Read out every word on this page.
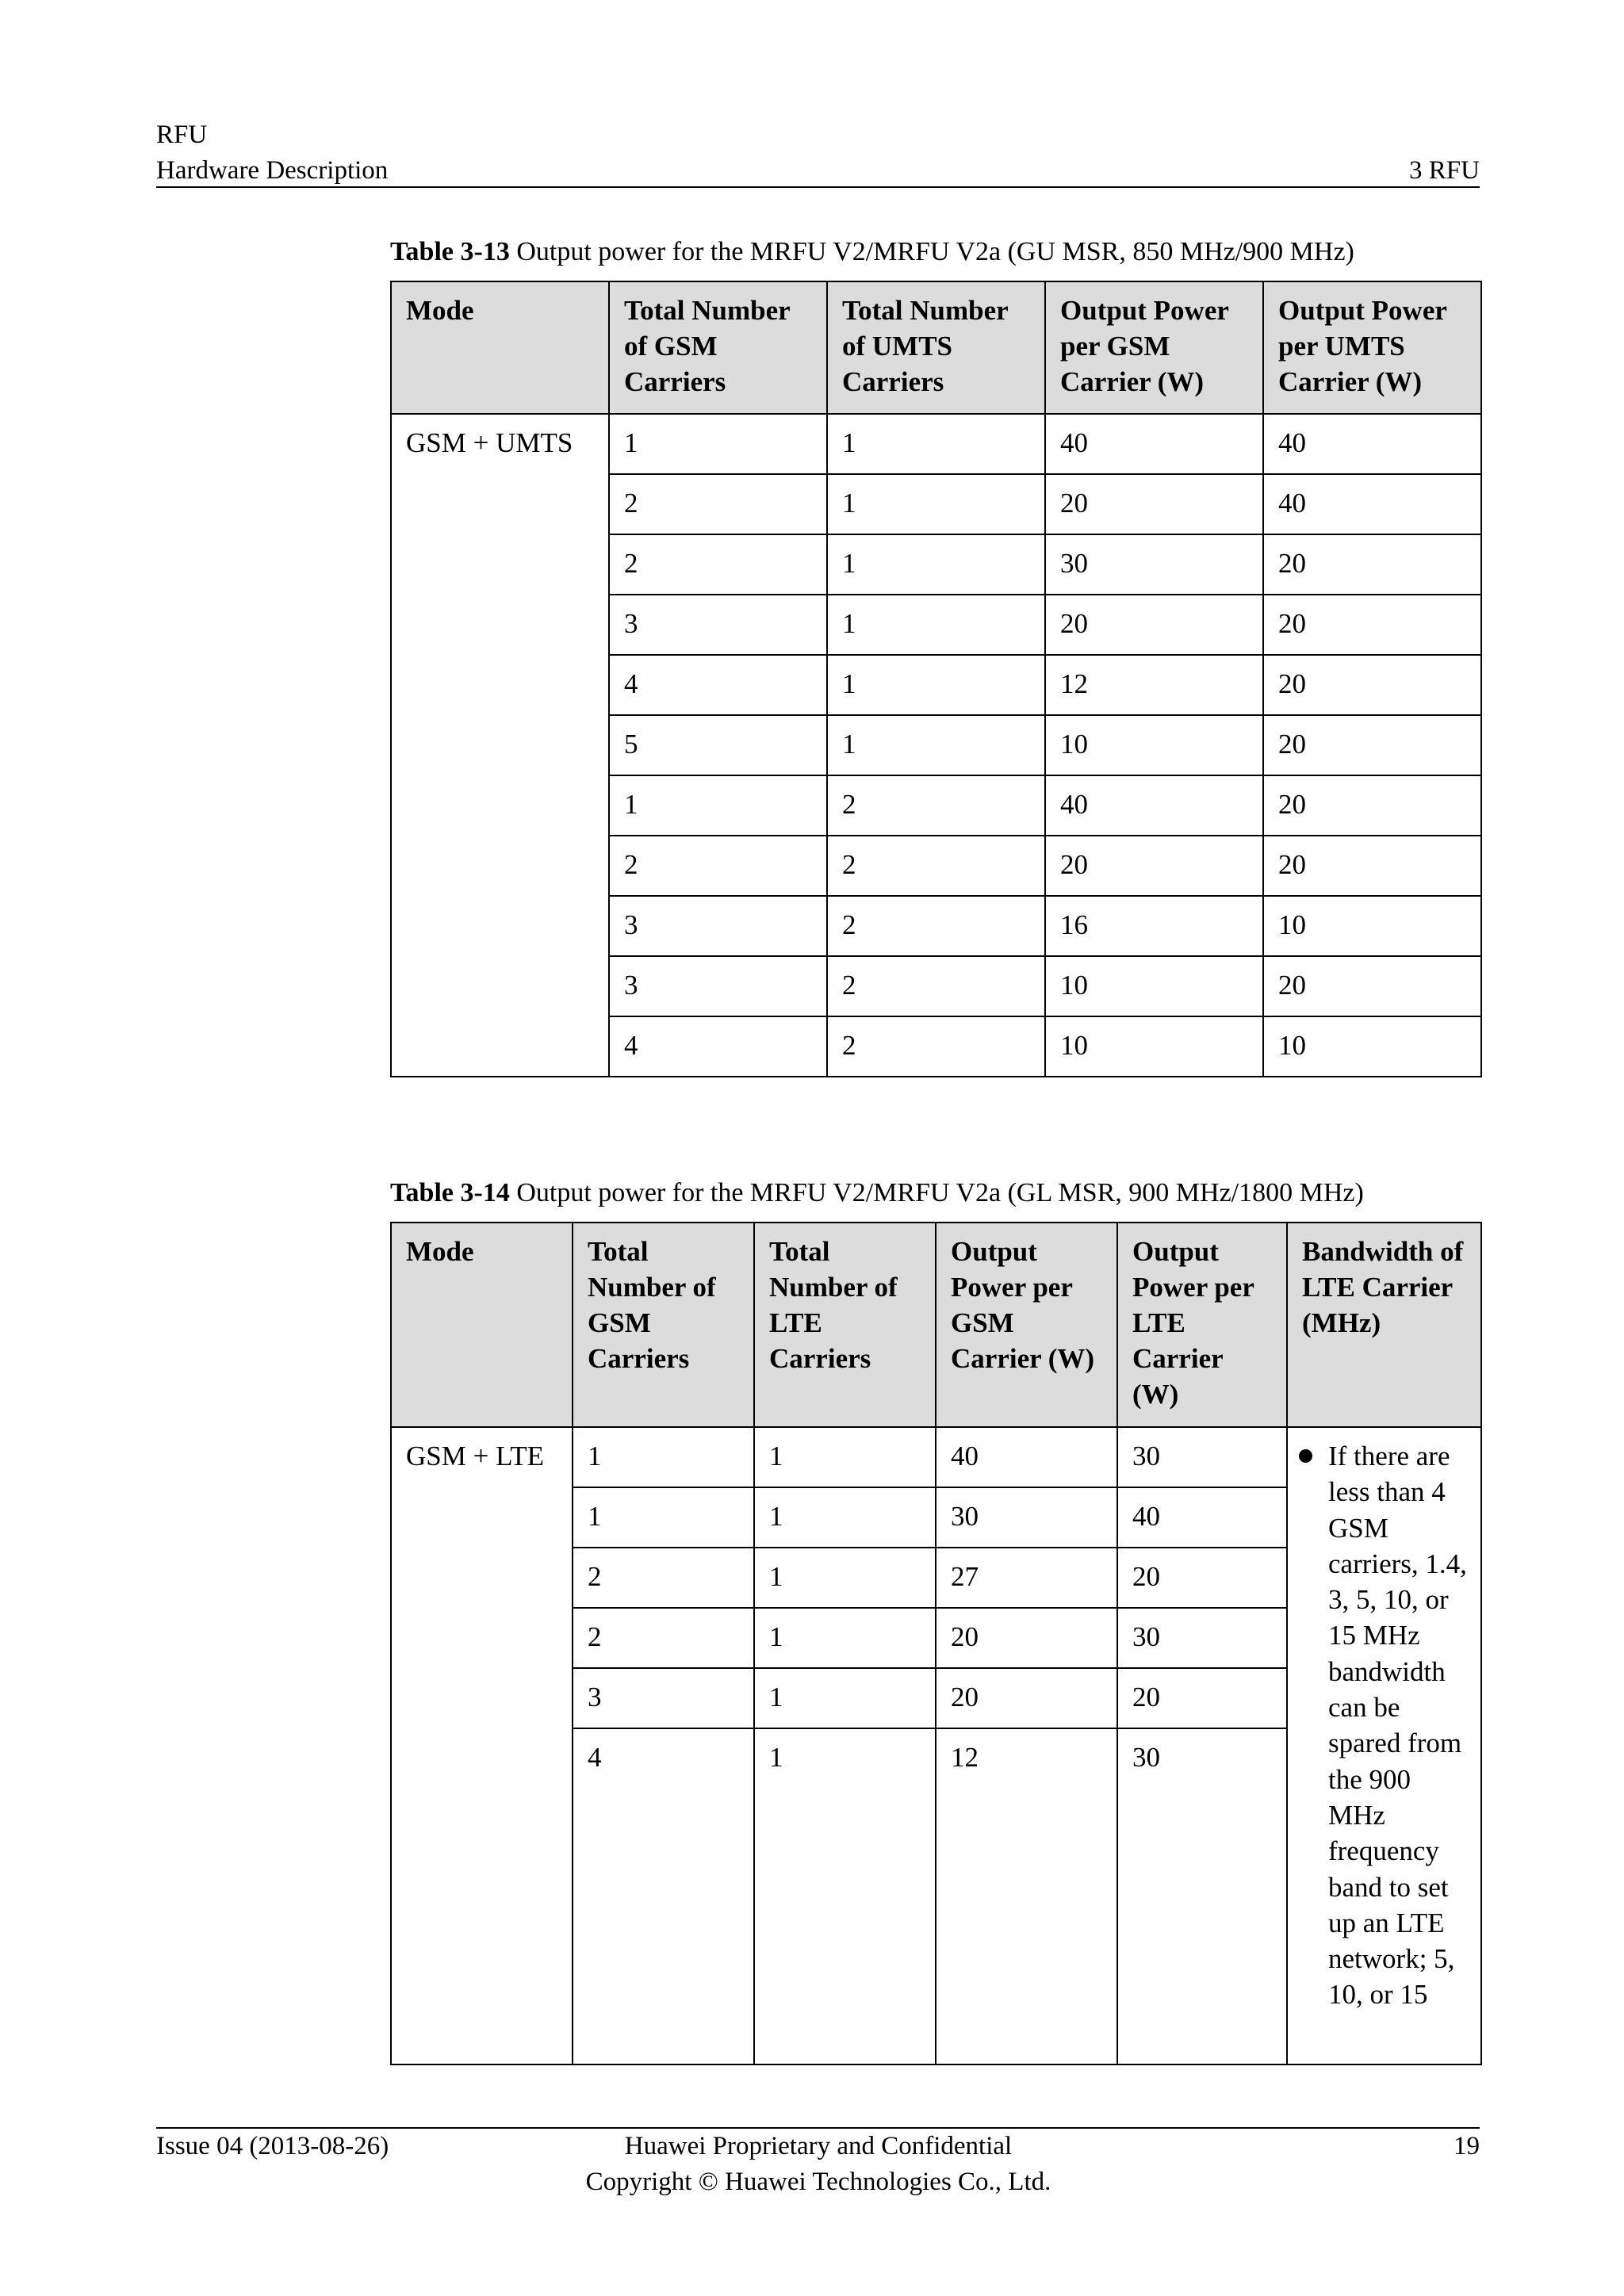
RFU
Hardware Description	3 RFU
Table 3-13 Output power for the MRFU V2/MRFU V2a (GU MSR, 850 MHz/900 MHz)
Mode	Total Number of GSM Carriers	Total Number of UMTS Carriers	Output Power per GSM Carrier (W)	Output Power per UMTS Carrier (W)
GSM + UMTS	1	1	40	40
	2	1	20	40
	2	1	30	20
	3	1	20	20
	4	1	12	20
	5	1	10	20
	1	2	40	20
	2	2	20	20
	3	2	16	10
	3	2	10	20
	4	2	10	10
Table 3-14 Output power for the MRFU V2/MRFU V2a (GL MSR, 900 MHz/1800 MHz)
Mode	Total Number of GSM Carriers	Total Number of LTE Carriers	Output Power per GSM Carrier (W)	Output Power per LTE Carrier (W)	Bandwidth of LTE Carrier (MHz)
GSM + LTE	1	1	40	30	If there are less than 4 GSM carriers, 1.4, 3, 5, 10, or 15 MHz bandwidth can be spared from the 900 MHz frequency band to set up an LTE network; 5, 10, or 15

	1	1	30	40	
	2	1	27	20	
	2	1	20	30	
	3	1	20	20	
	4	1	12	30	
Issue 04 (2013-08-26)	Huawei Proprietary and Confidential
Copyright © Huawei Technologies Co., Ltd.
19
